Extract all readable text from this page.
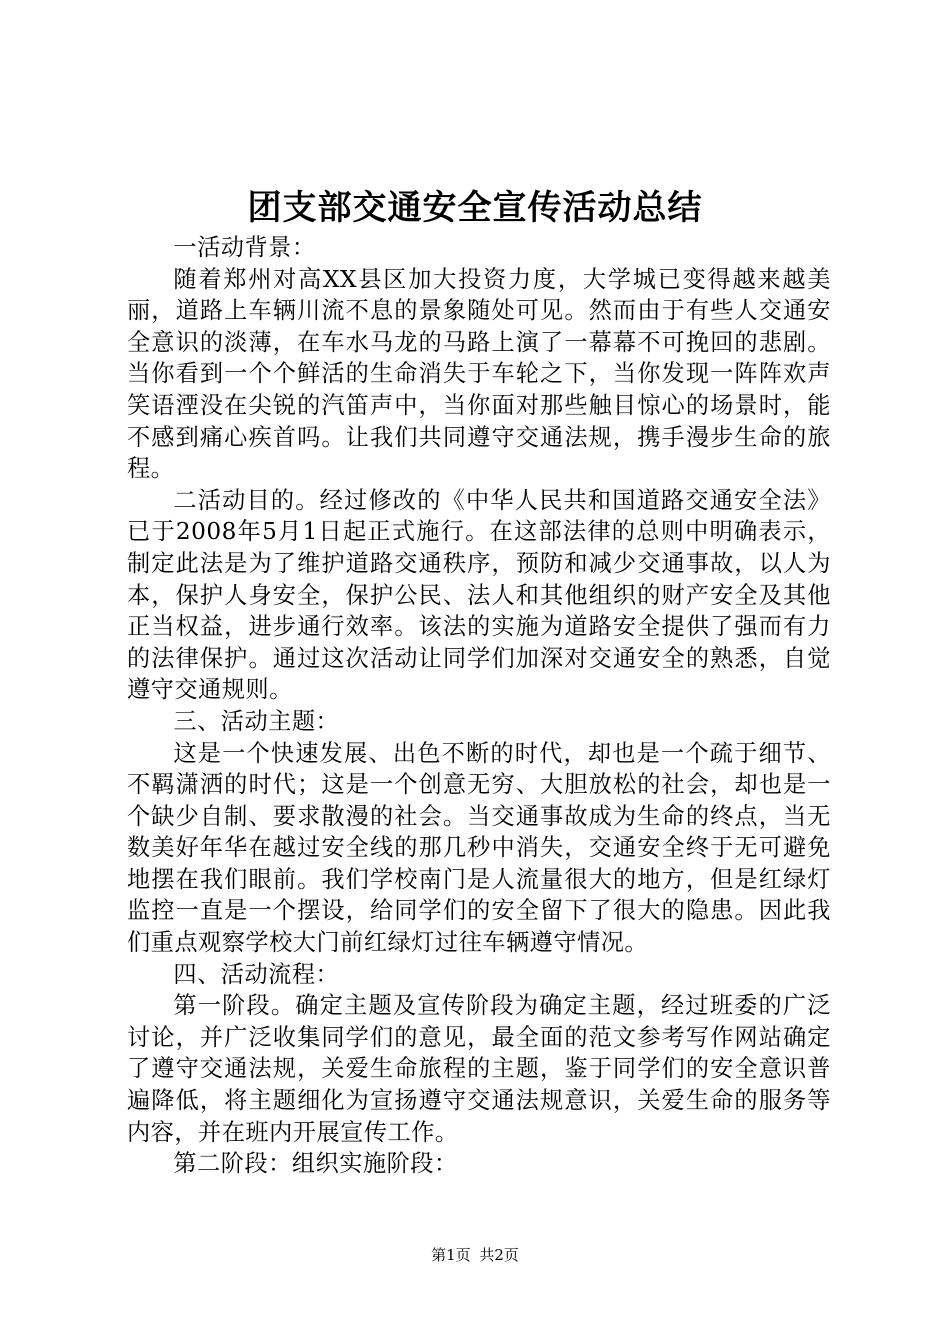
团支部交通安全宣传活动总结

一活动背景：

随着郑州对高XX县区加大投资力度，大学城已变得越来越美丽，道路上车辆川流不息的景象随处可见。然而由于有些人交通安全意识的淡薄，在车水马龙的马路上演了一幕幕不可挽回的悲剧。当你看到一个个鲜活的生命消失于车轮之下，当你发现一阵阵欢声笑语湮没在尖锐的汽笛声中，当你面对那些触目惊心的场景时，能不感到痛心疾首吗。让我们共同遵守交通法规，携手漫步生命的旅程。

二活动目的。经过修改的《中华人民共和国道路交通安全法》已于2008年5月1日起正式施行。在这部法律的总则中明确表示，制定此法是为了维护道路交通秩序，预防和减少交通事故，以人为本，保护人身安全，保护公民、法人和其他组织的财产安全及其他正当权益，进步通行效率。该法的实施为道路安全提供了强而有力的法律保护。通过这次活动让同学们加深对交通安全的熟悉，自觉遵守交通规则。

三、活动主题：

这是一个快速发展、出色不断的时代，却也是一个疏于细节、不羁潇洒的时代；这是一个创意无穷、大胆放松的社会，却也是一个缺少自制、要求散漫的社会。当交通事故成为生命的终点，当无数美好年华在越过安全线的那几秒中消失，交通安全终于无可避免地摆在我们眼前。我们学校南门是人流量很大的地方，但是红绿灯监控一直是一个摆设，给同学们的安全留下了很大的隐患。因此我们重点观察学校大门前红绿灯过往车辆遵守情况。

四、活动流程：

第一阶段。确定主题及宣传阶段为确定主题，经过班委的广泛讨论，并广泛收集同学们的意见，最全面的范文参考写作网站确定了遵守交通法规，关爱生命旅程的主题，鉴于同学们的安全意识普遍降低，将主题细化为宣扬遵守交通法规意识，关爱生命的服务等内容，并在班内开展宣传工作。

第二阶段：组织实施阶段：

第1页 共2页
